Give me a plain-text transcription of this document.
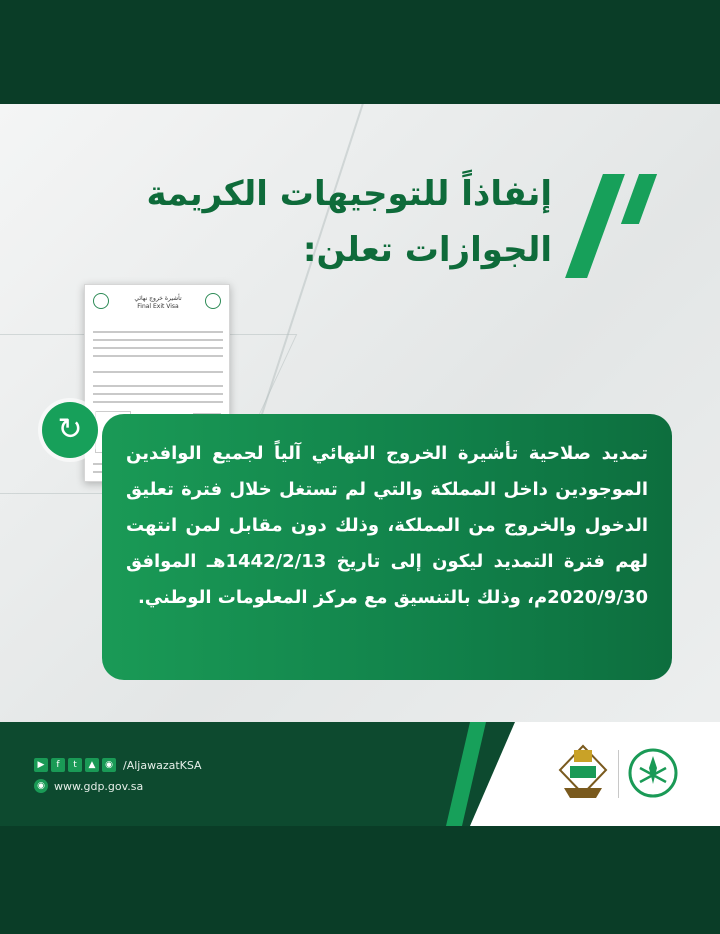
إنفاذاً للتوجيهات الكريمة
الجوازات تعلن:
تأشيرة خروج نهائي
Final Exit Visa

تمديد صلاحية تأشيرة الخروج النهائي آلياً لجميع الوافدين الموجودين داخل المملكة والتي لم تستغل خلال فترة تعليق الدخول والخروج من المملكة، وذلك دون مقابل لمن انتهت لهم فترة التمديد ليكون إلى تاريخ 1442/2/13هـ الموافق 2020/9/30م، وذلك بالتنسيق مع مركز المعلومات الوطني.

↻
▶	f	t	▲	◉ /AljawazatKSA
◉ www.gdp.gov.sa
